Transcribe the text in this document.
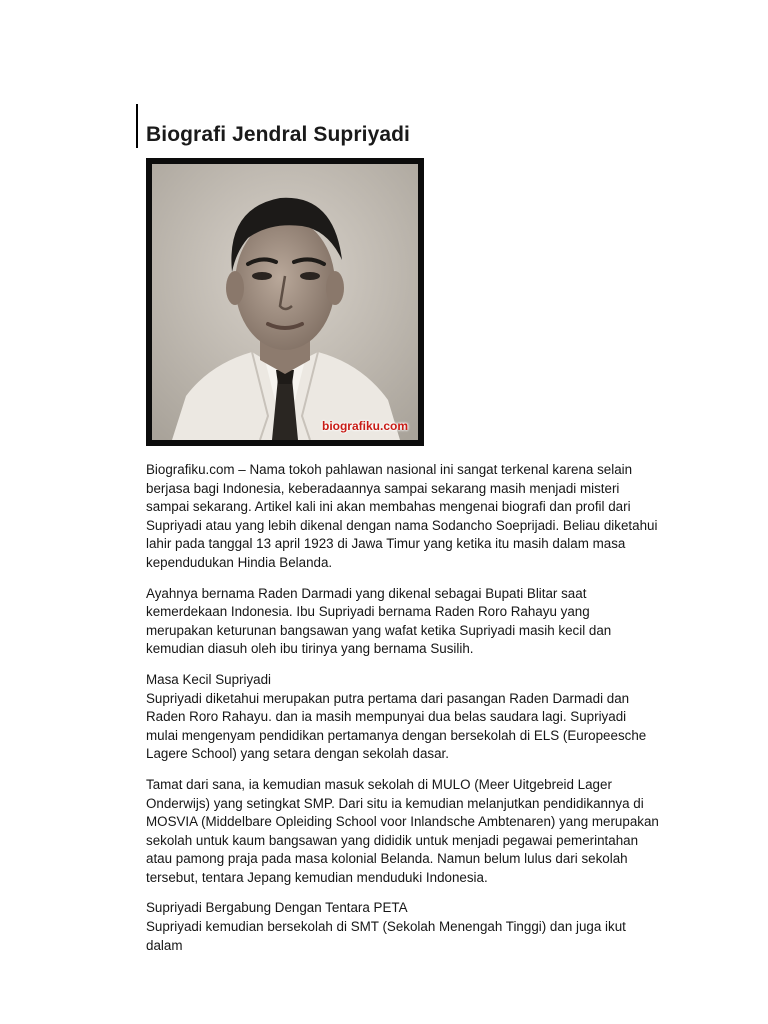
Biografi Jendral Supriyadi
biografiku.com

Biografiku.com – Nama tokoh pahlawan nasional ini sangat terkenal karena selain berjasa bagi Indonesia, keberadaannya sampai sekarang masih menjadi misteri sampai sekarang. Artikel kali ini akan membahas mengenai biografi dan profil dari Supriyadi atau yang lebih dikenal dengan nama Sodancho Soeprijadi. Beliau diketahui lahir pada tanggal 13 april 1923 di Jawa Timur yang ketika itu masih dalam masa kependudukan Hindia Belanda.

Ayahnya bernama Raden Darmadi yang dikenal sebagai Bupati Blitar saat kemerdekaan Indonesia. Ibu Supriyadi bernama Raden Roro Rahayu yang merupakan keturunan bangsawan yang wafat ketika Supriyadi masih kecil dan kemudian diasuh oleh ibu tirinya yang bernama Susilih.

Masa Kecil Supriyadi

Supriyadi diketahui merupakan putra pertama dari pasangan Raden Darmadi dan Raden Roro Rahayu. dan ia masih mempunyai dua belas saudara lagi. Supriyadi mulai mengenyam pendidikan pertamanya dengan bersekolah di ELS (Europeesche Lagere School) yang setara dengan sekolah dasar.

Tamat dari sana, ia kemudian masuk sekolah di MULO (Meer Uitgebreid Lager Onderwijs) yang setingkat SMP. Dari situ ia kemudian melanjutkan pendidikannya di MOSVIA (Middelbare Opleiding School voor Inlandsche Ambtenaren) yang merupakan sekolah untuk kaum bangsawan yang dididik untuk menjadi pegawai pemerintahan atau pamong praja pada masa kolonial Belanda. Namun belum lulus dari sekolah tersebut, tentara Jepang kemudian menduduki Indonesia.

Supriyadi Bergabung Dengan Tentara PETA

Supriyadi kemudian bersekolah di SMT (Sekolah Menengah Tinggi) dan juga ikut dalam
